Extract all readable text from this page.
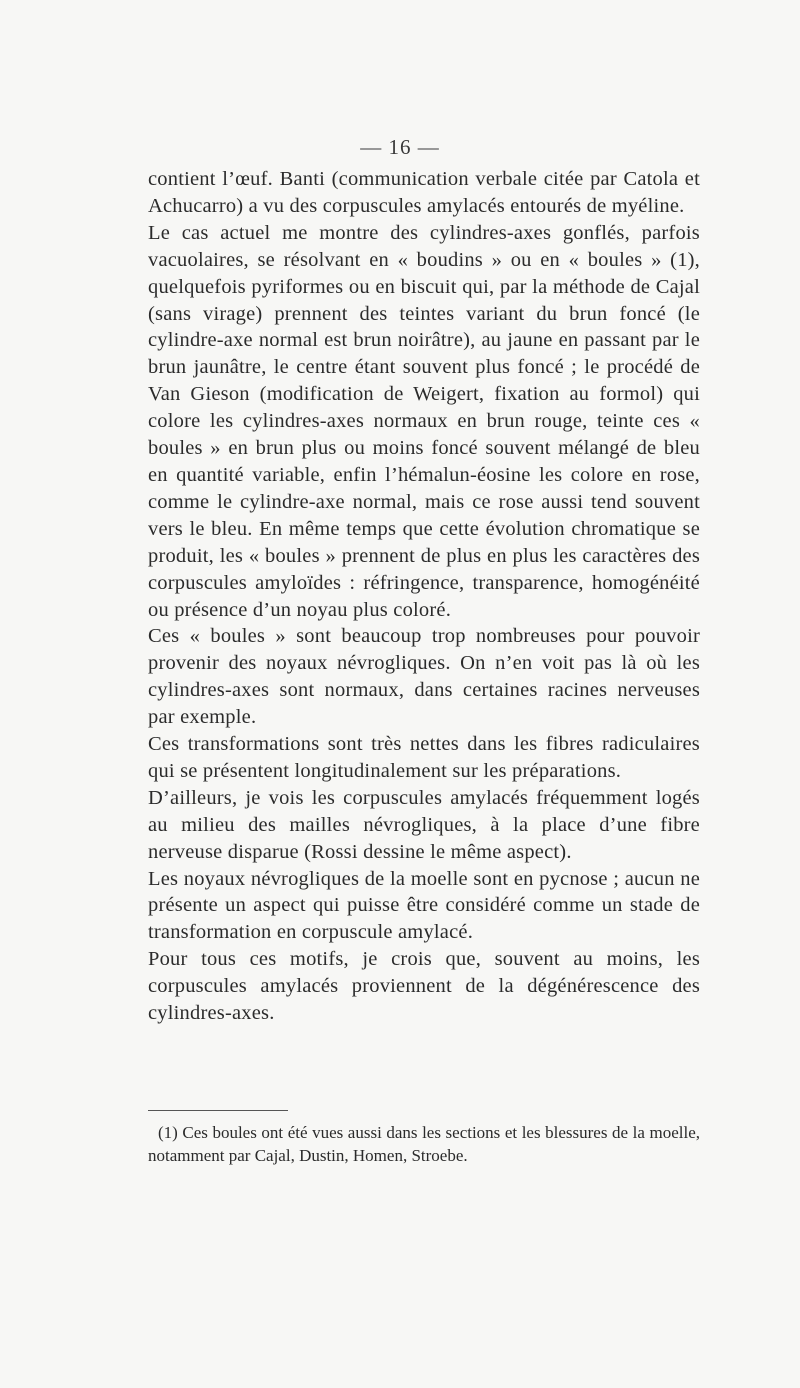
— 16 —

contient l’œuf. Banti (communication verbale citée par Catola et Achucarro) a vu des corpuscules amylacés entourés de myéline.

Le cas actuel me montre des cylindres-axes gonflés, parfois vacuolaires, se résolvant en « boudins » ou en « boules » (1), quelquefois pyriformes ou en biscuit qui, par la méthode de Cajal (sans virage) prennent des teintes variant du brun foncé (le cylindre-axe normal est brun noirâtre), au jaune en passant par le brun jaunâtre, le centre étant souvent plus foncé ; le procédé de Van Gieson (modification de Weigert, fixation au formol) qui colore les cylindres-axes normaux en brun rouge, teinte ces « boules » en brun plus ou moins foncé souvent mélangé de bleu en quantité variable, enfin l’hémalun-éosine les colore en rose, comme le cylindre-axe normal, mais ce rose aussi tend souvent vers le bleu. En même temps que cette évolution chromatique se produit, les « boules » prennent de plus en plus les caractères des corpuscules amyloïdes : réfringence, transparence, homogénéité ou présence d’un noyau plus coloré.

Ces « boules » sont beaucoup trop nombreuses pour pouvoir provenir des noyaux névrogliques. On n’en voit pas là où les cylindres-axes sont normaux, dans certaines racines nerveuses par exemple.

Ces transformations sont très nettes dans les fibres radiculaires qui se présentent longitudinalement sur les préparations.

D’ailleurs, je vois les corpuscules amylacés fréquemment logés au milieu des mailles névrogliques, à la place d’une fibre nerveuse disparue (Rossi dessine le même aspect).

Les noyaux névrogliques de la moelle sont en pycnose ; aucun ne présente un aspect qui puisse être considéré comme un stade de transformation en corpuscule amylacé.

Pour tous ces motifs, je crois que, souvent au moins, les corpuscules amylacés proviennent de la dégénérescence des cylindres-axes.

(1) Ces boules ont été vues aussi dans les sections et les blessures de la moelle, notamment par Cajal, Dustin, Homen, Stroebe.
